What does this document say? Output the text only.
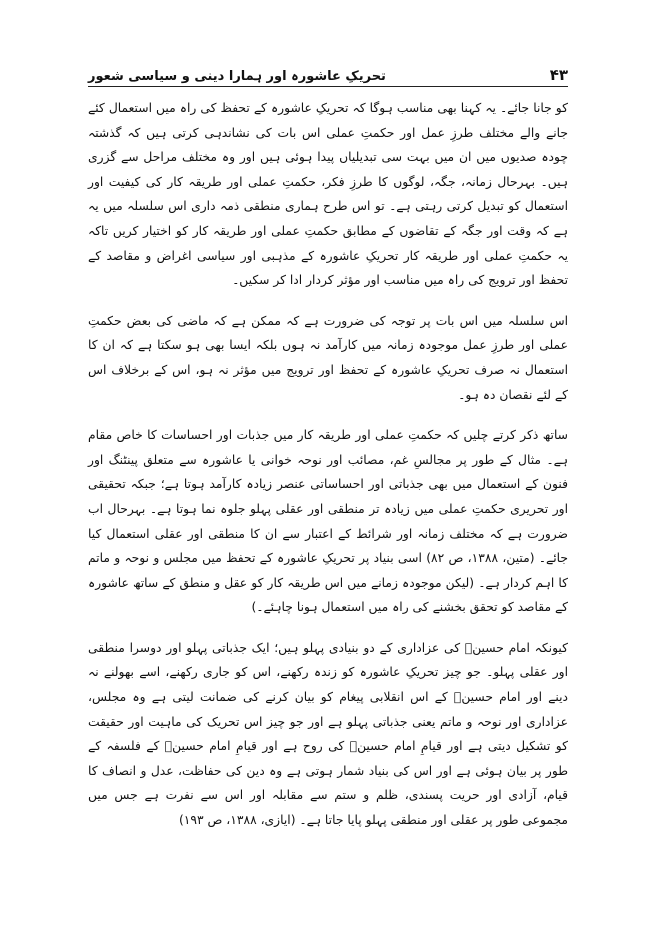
۴۳
تحریکِ عاشورہ اور ہمارا دینی و سیاسی شعور

کو جانا جائے۔ یہ کہنا بھی مناسب ہوگا کہ تحریکِ عاشورہ کے تحفظ کی راہ میں استعمال کئے جانے والے مختلف طرزِ عمل اور حکمتِ عملی اس بات کی نشاندہی کرتی ہیں کہ گذشتہ چودہ صدیوں میں ان میں بہت سی تبدیلیاں پیدا ہوئی ہیں اور وہ مختلف مراحل سے گزری ہیں۔ بہرحال زمانہ، جگہ، لوگوں کا طرزِ فکر، حکمتِ عملی اور طریقہ کار کی کیفیت اور استعمال کو تبدیل کرتی رہتی ہے۔ تو اس طرح ہماری منطقی ذمہ داری اس سلسلہ میں یہ ہے کہ وقت اور جگہ کے تقاضوں کے مطابق حکمتِ عملی اور طریقہ کار کو اختیار کریں تاکہ یہ حکمتِ عملی اور طریقہ کار تحریکِ عاشورہ کے مذہبی اور سیاسی اغراض و مقاصد کے تحفظ اور ترویج کی راہ میں مناسب اور مؤثر کردار ادا کر سکیں۔

اس سلسلہ میں اس بات پر توجہ کی ضرورت ہے کہ ممکن ہے کہ ماضی کی بعض حکمتِ عملی اور طرزِ عمل موجودہ زمانہ میں کارآمد نہ ہوں بلکہ ایسا بھی ہو سکتا ہے کہ ان کا استعمال نہ صرف تحریکِ عاشورہ کے تحفظ اور ترویج میں مؤثر نہ ہو، اس کے برخلاف اس کے لئے نقصان دہ ہو۔

ساتھ ذکر کرتے چلیں کہ حکمتِ عملی اور طریقہ کار میں جذبات اور احساسات کا خاص مقام ہے۔ مثال کے طور پر مجالسِ غم، مصائب اور نوحہ خوانی یا عاشورہ سے متعلق پینٹنگ اور فنون کے استعمال میں بھی جذباتی اور احساساتی عنصر زیادہ کارآمد ہوتا ہے؛ جبکہ تحقیقی اور تحریری حکمتِ عملی میں زیادہ تر منطقی اور عقلی پہلو جلوہ نما ہوتا ہے۔ بہرحال اب ضرورت ہے کہ مختلف زمانہ اور شرائط کے اعتبار سے ان کا منطقی اور عقلی استعمال کیا جائے۔ (متین، ۱۳۸۸، ص ۸۲) اسی بنیاد پر تحریکِ عاشورہ کے تحفظ میں مجلس و نوحہ و ماتم کا اہم کردار ہے۔ (لیکن موجودہ زمانے میں اس طریقہ کار کو عقل و منطق کے ساتھ عاشورہ کے مقاصد کو تحقق بخشنے کی راہ میں استعمال ہونا چاہئے۔)

کیونکہ امام حسینؑ کی عزاداری کے دو بنیادی پہلو ہیں؛ ایک جذباتی پہلو اور دوسرا منطقی اور عقلی پہلو۔ جو چیز تحریکِ عاشورہ کو زندہ رکھنے، اس کو جاری رکھنے، اسے بھولنے نہ دینے اور امام حسینؑ کے اس انقلابی پیغام کو بیان کرنے کی ضمانت لیتی ہے وہ مجلس، عزاداری اور نوحہ و ماتم یعنی جذباتی پہلو ہے اور جو چیز اس تحریک کی ماہیت اور حقیقت کو تشکیل دیتی ہے اور قیامِ امام حسینؑ کی روح ہے اور قیامِ امام حسینؑ کے فلسفہ کے طور پر بیان ہوئی ہے اور اس کی بنیاد شمار ہوتی ہے وہ دین کی حفاظت، عدل و انصاف کا قیام، آزادی اور حریت پسندی، ظلم و ستم سے مقابلہ اور اس سے نفرت ہے جس میں مجموعی طور پر عقلی اور منطقی پہلو پایا جاتا ہے۔ (ایازی، ۱۳۸۸، ص ۱۹۳)
